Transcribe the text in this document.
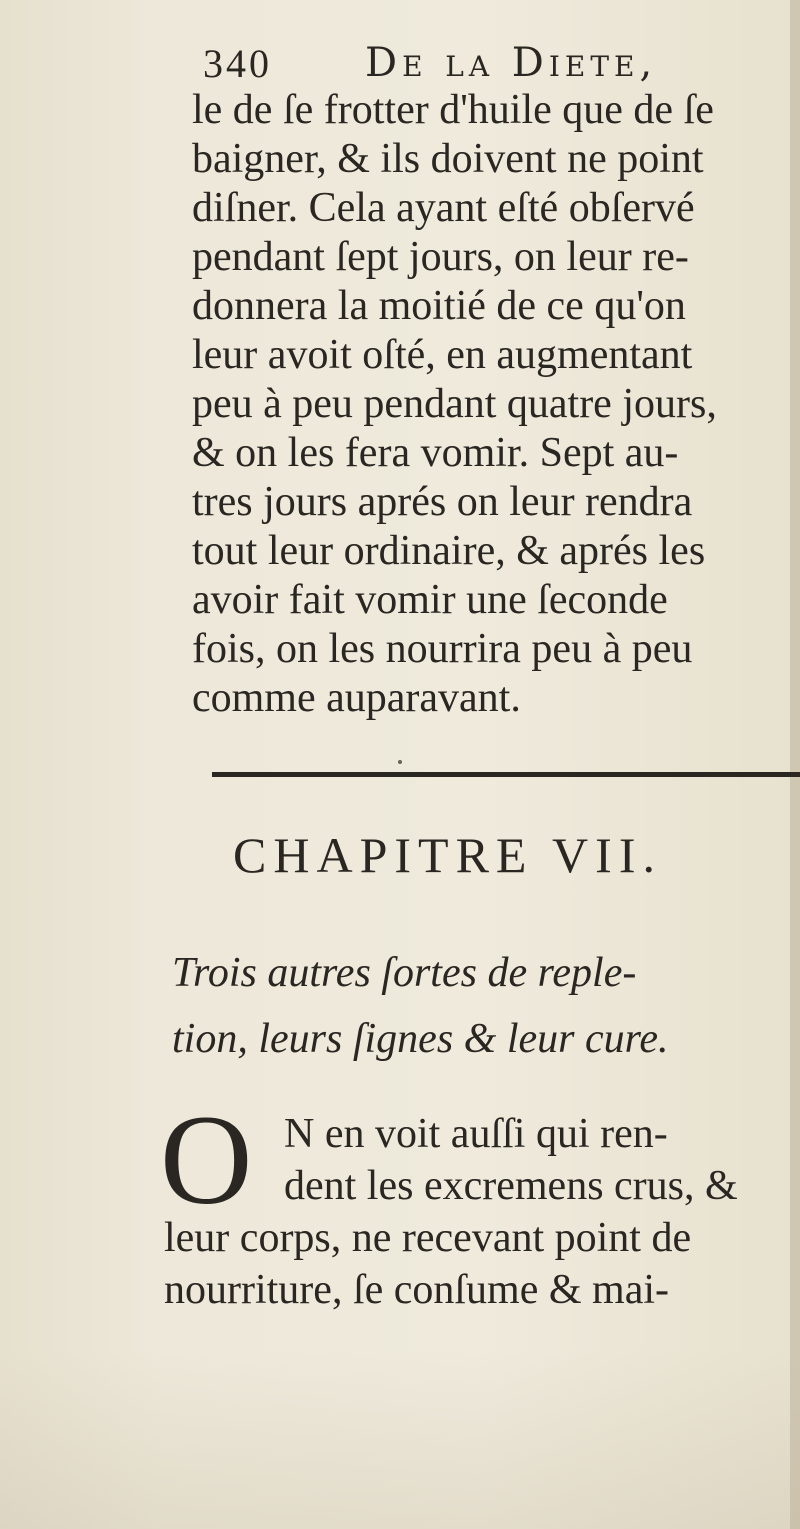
340 De la Diete,
le de ſe frotter d'huile que de ſe
baigner, & ils doivent ne point
diſner. Cela ayant eſté obſervé
pendant ſept jours, on leur re-
donnera la moitié de ce qu'on
leur avoit oſté, en augmentant
peu à peu pendant quatre jours,
& on les fera vomir. Sept au-
tres jours aprés on leur rendra
tout leur ordinaire, & aprés les
avoir fait vomir une ſeconde
fois, on les nourrira peu à peu
comme auparavant.
CHAPITRE VII.
Trois autres ſortes de reple-
tion, leurs ſignes & leur cure.
O N en voit auſſi qui ren-
dent les excremens crus, &
leur corps, ne recevant point de
nourriture, ſe conſume & mai-
